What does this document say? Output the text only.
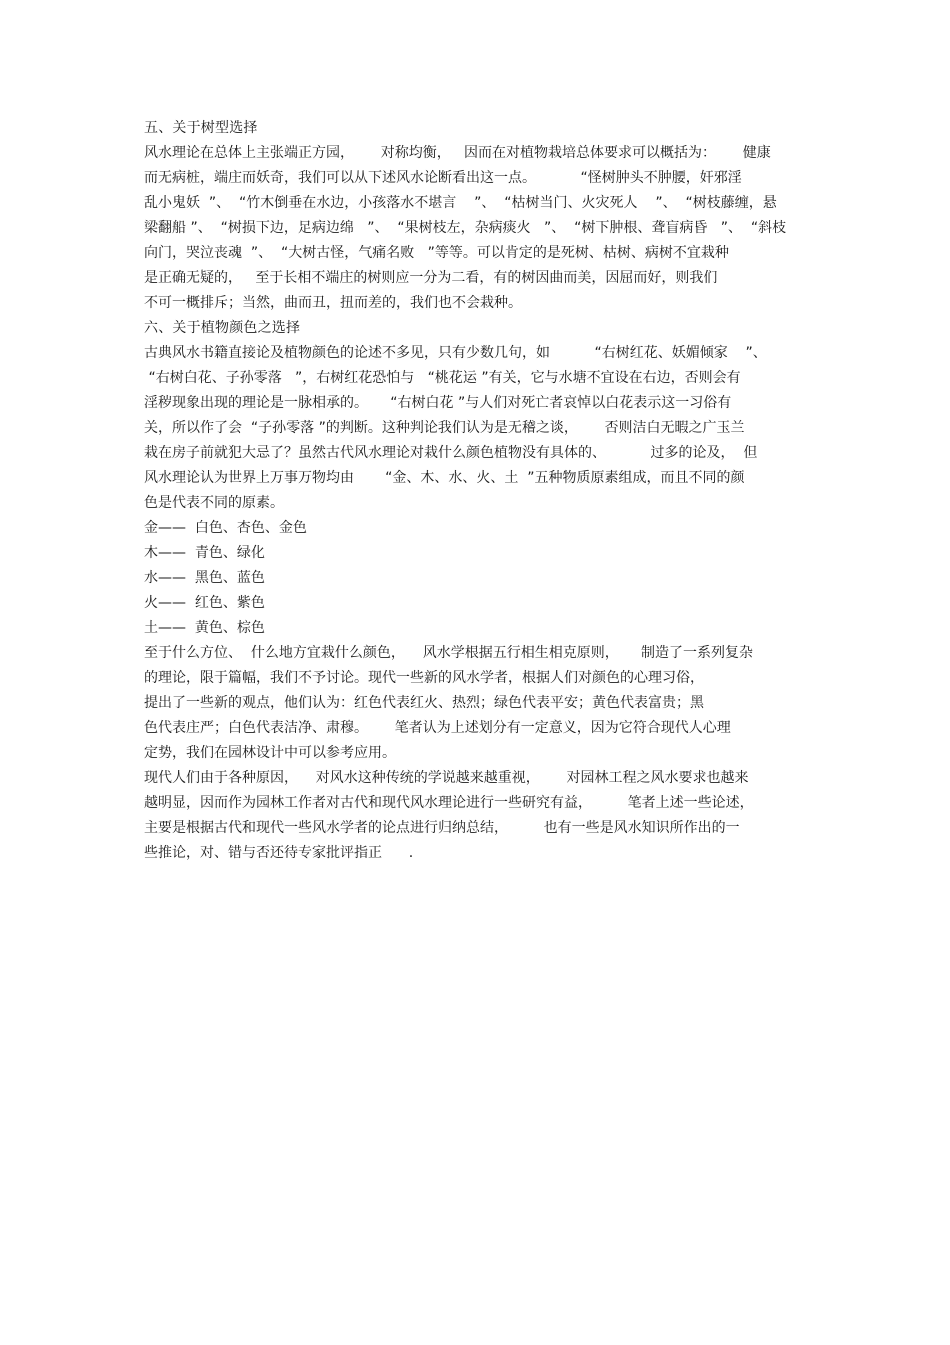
五、关于树型选择
风水理论在总体上主张端正方园，      对称均衡，   因而在对植物栽培总体要求可以概括为：      健康
而无病桩，端庄而妖奇，我们可以从下述风水论断看出这一点。          “怪树肿头不肿腰，奸邪淫
乱小鬼妖  ”、  “竹木倒垂在水边，小孩落水不堪言    ”、  “枯树当门、火灾死人    ”、  “树枝藤缠，悬
梁翻船 ”、  “树损下边，足病边绵   ”、  “果树枝左，杂病痰火   ”、  “树下肿根、聋盲病昏   ”、  “斜枝
向门，哭泣丧魂  ”、  “大树古怪，气痛名败   ”等等。可以肯定的是死树、枯树、病树不宜栽种
是正确无疑的，   至于长相不端庄的树则应一分为二看，有的树因曲而美，因屈而好，则我们
不可一概排斥；当然，曲而丑，扭而差的，我们也不会栽种。
六、关于植物颜色之选择
古典风水书籍直接论及植物颜色的论述不多见，只有少数几句，如          “右树红花、妖媚倾家    ”、
“右树白花、子孙零落   ”，右树红花恐怕与   “桃花运 ”有关，它与水塘不宜设在右边，否则会有
淫秽现象出现的理论是一脉相承的。     “右树白花 ”与人们对死亡者哀悼以白花表示这一习俗有
关，所以作了会  “子孙零落 ”的判断。这种判论我们认为是无稽之谈，      否则洁白无暇之广玉兰
栽在房子前就犯大忌了？虽然古代风水理论对栽什么颜色植物没有具体的、          过多的论及，  但
风水理论认为世界上万事万物均由       “金、木、水、火、土  ”五种物质原素组成，而且不同的颜
色是代表不同的原素。
金——  白色、杏色、金色
木——  青色、绿化
水——  黑色、蓝色
火——  红色、紫色
土——  黄色、棕色
至于什么方位、  什么地方宜栽什么颜色，    风水学根据五行相生相克原则，     制造了一系列复杂
的理论，限于篇幅，我们不予讨论。现代一些新的风水学者，根据人们对颜色的心理习俗，
提出了一些新的观点，他们认为：红色代表红火、热烈；绿色代表平安；黄色代表富贵；黑
色代表庄严；白色代表洁净、肃穆。      笔者认为上述划分有一定意义，因为它符合现代人心理
定势，我们在园林设计中可以参考应用。
现代人们由于各种原因，    对风水这种传统的学说越来越重视，      对园林工程之风水要求也越来
越明显，因而作为园林工作者对古代和现代风水理论进行一些研究有益，        笔者上述一些论述，
主要是根据古代和现代一些风水学者的论点进行归纳总结，        也有一些是风水知识所作出的一
些推论，对、错与否还待专家批评指正      .
